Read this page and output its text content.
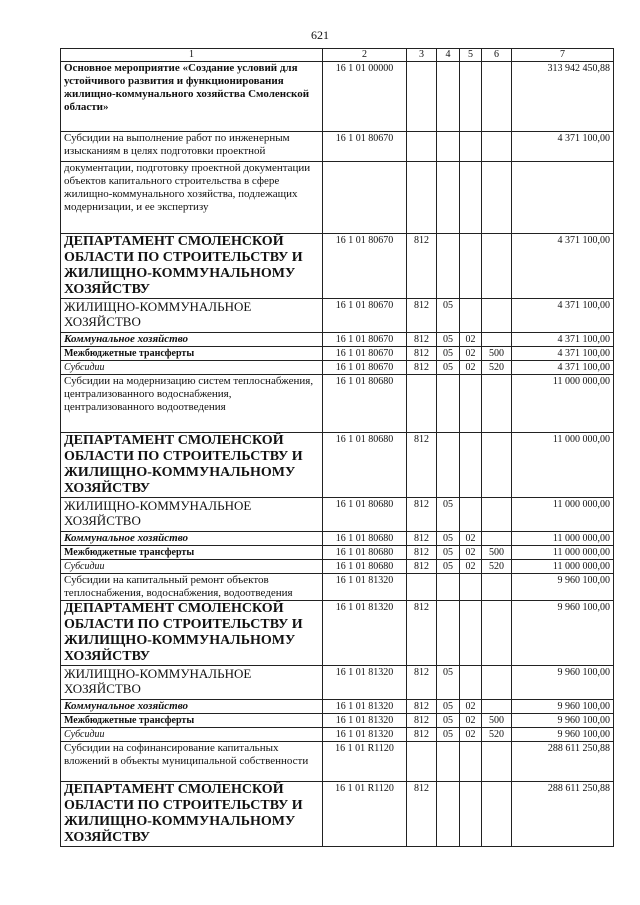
621
1	2	3	4	5	6	7
Основное мероприятие «Создание условий для устойчивого развития и функционирования жилищно-коммунального хозяйства Смоленской области»	16 1 01 00000					313 942 450,88
Субсидии на выполнение работ по инженерным изысканиям в целях подготовки проектной	16 1 01 80670					4 371 100,00
документации, подготовку проектной документации объектов капитального строительства в сфере жилищно-коммунального хозяйства, подлежащих модернизации, и ее экспертизу						
ДЕПАРТАМЕНТ СМОЛЕНСКОЙ ОБЛАСТИ ПО СТРОИТЕЛЬСТВУ И ЖИЛИЩНО-КОММУНАЛЬНОМУ ХОЗЯЙСТВУ	16 1 01 80670	812				4 371 100,00
ЖИЛИЩНО-КОММУНАЛЬНОЕ ХОЗЯЙСТВО	16 1 01 80670	812	05			4 371 100,00
Коммунальное хозяйство	16 1 01 80670	812	05	02		4 371 100,00
Межбюджетные трансферты	16 1 01 80670	812	05	02	500	4 371 100,00
Субсидии	16 1 01 80670	812	05	02	520	4 371 100,00
Субсидии на модернизацию систем теплоснабжения, централизованного водоснабжения, централизованного водоотведения	16 1 01 80680					11 000 000,00
ДЕПАРТАМЕНТ СМОЛЕНСКОЙ ОБЛАСТИ ПО СТРОИТЕЛЬСТВУ И ЖИЛИЩНО-КОММУНАЛЬНОМУ ХОЗЯЙСТВУ	16 1 01 80680	812				11 000 000,00
ЖИЛИЩНО-КОММУНАЛЬНОЕ ХОЗЯЙСТВО	16 1 01 80680	812	05			11 000 000,00
Коммунальное хозяйство	16 1 01 80680	812	05	02		11 000 000,00
Межбюджетные трансферты	16 1 01 80680	812	05	02	500	11 000 000,00
Субсидии	16 1 01 80680	812	05	02	520	11 000 000,00
Субсидии на капитальный ремонт объектов теплоснабжения, водоснабжения, водоотведения	16 1 01 81320					9 960 100,00
ДЕПАРТАМЕНТ СМОЛЕНСКОЙ ОБЛАСТИ ПО СТРОИТЕЛЬСТВУ И ЖИЛИЩНО-КОММУНАЛЬНОМУ ХОЗЯЙСТВУ	16 1 01 81320	812				9 960 100,00
ЖИЛИЩНО-КОММУНАЛЬНОЕ ХОЗЯЙСТВО	16 1 01 81320	812	05			9 960 100,00
Коммунальное хозяйство	16 1 01 81320	812	05	02		9 960 100,00
Межбюджетные трансферты	16 1 01 81320	812	05	02	500	9 960 100,00
Субсидии	16 1 01 81320	812	05	02	520	9 960 100,00
Субсидии на софинансирование капитальных вложений в объекты муниципальной собственности	16 1 01 R1120					288 611 250,88
ДЕПАРТАМЕНТ СМОЛЕНСКОЙ ОБЛАСТИ ПО СТРОИТЕЛЬСТВУ И ЖИЛИЩНО-КОММУНАЛЬНОМУ ХОЗЯЙСТВУ	16 1 01 R1120	812				288 611 250,88
